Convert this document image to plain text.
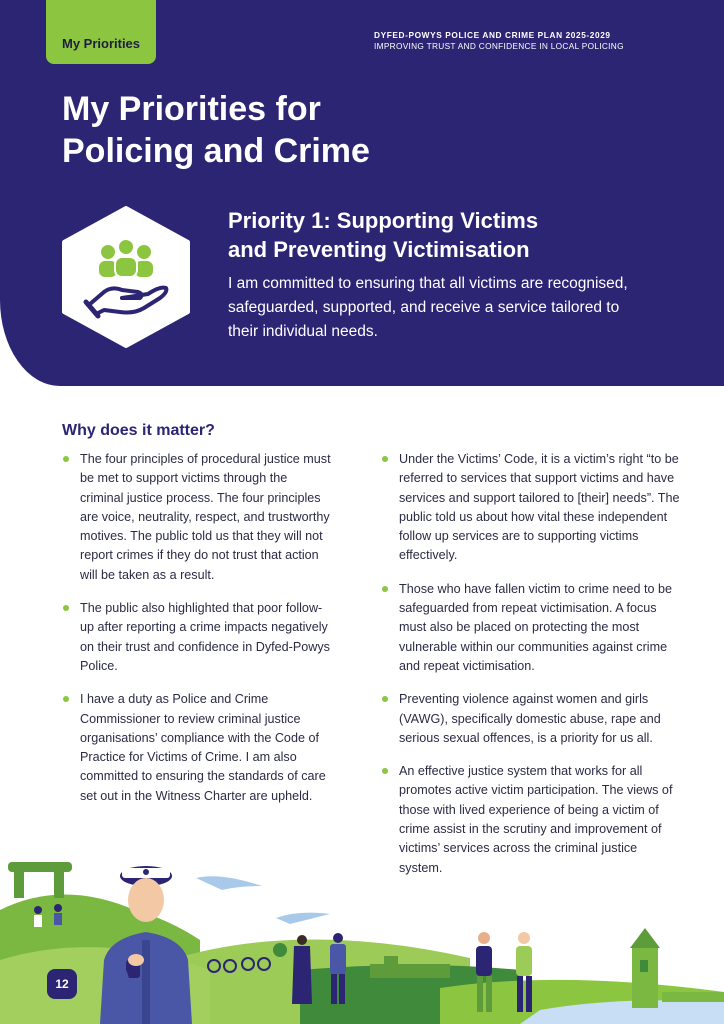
My Priorities
DYFED-POWYS POLICE AND CRIME PLAN 2025-2029
IMPROVING TRUST AND CONFIDENCE IN LOCAL POLICING
My Priorities for
Policing and Crime
Priority 1: Supporting Victims
and Preventing Victimisation
I am committed to ensuring that all victims are recognised, safeguarded, supported, and receive a service tailored to their individual needs.
Why does it matter?
The four principles of procedural justice must be met to support victims through the criminal justice process. The four principles are voice, neutrality, respect, and trustworthy motives. The public told us that they will not report crimes if they do not trust that action will be taken as a result.
The public also highlighted that poor follow-up after reporting a crime impacts negatively on their trust and confidence in Dyfed-Powys Police.
I have a duty as Police and Crime Commissioner to review criminal justice organisations’ compliance with the Code of Practice for Victims of Crime. I am also committed to ensuring the standards of care set out in the Witness Charter are upheld.
Under the Victims’ Code, it is a victim’s right “to be referred to services that support victims and have services and support tailored to [their] needs”. The public told us about how vital these independent follow up services are to supporting victims effectively.
Those who have fallen victim to crime need to be safeguarded from repeat victimisation. A focus must also be placed on protecting the most vulnerable within our communities against crime and repeat victimisation.
Preventing violence against women and girls (VAWG), specifically domestic abuse, rape and serious sexual offences, is a priority for us all.
An effective justice system that works for all promotes active victim participation. The views of those with lived experience of being a victim of crime assist in the scrutiny and improvement of victims’ services across the criminal justice system.
12
